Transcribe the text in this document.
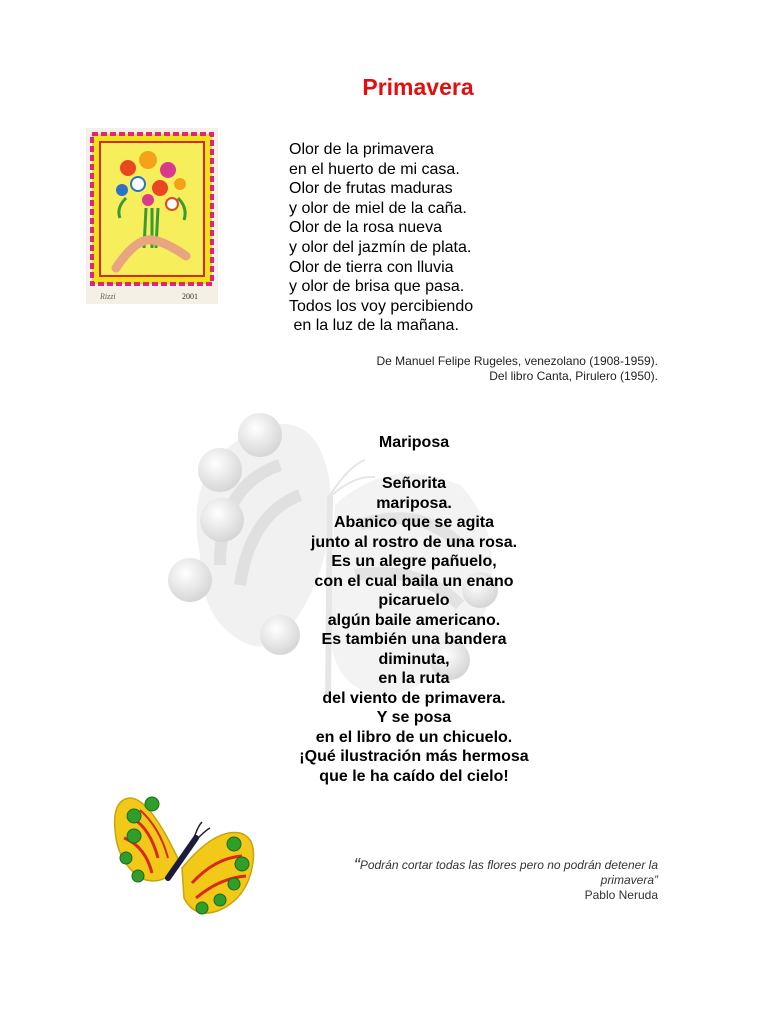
Primavera
Rizzi	2001
Olor de la primavera
en el huerto de mi casa.
Olor de frutas maduras
y olor de miel de la caña.
Olor de la rosa nueva
y olor del jazmín de plata.
Olor de tierra con lluvia
y olor de brisa que pasa.
Todos los voy percibiendo
en la luz de la mañana.
De Manuel Felipe Rugeles, venezolano (1908-1959).
Del libro Canta, Pirulero (1950).
Mariposa
Señorita
mariposa.
Abanico que se agita
junto al rostro de una rosa.
Es un alegre pañuelo,
con el cual baila un enano
picaruelo
algún baile americano.
Es también una bandera
diminuta,
en la ruta
del viento de primavera.
Y se posa
en el libro de un chicuelo.
¡Qué ilustración más hermosa
que le ha caído del cielo!
“Podrán cortar todas las flores pero no podrán detener la primavera”
Pablo Neruda
